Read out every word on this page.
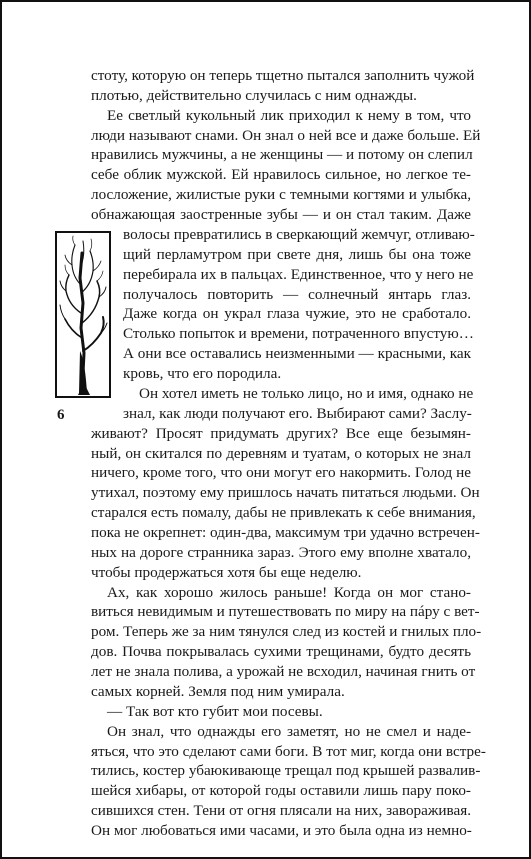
6
стоту, которую он теперь тщетно пытался заполнить чужой
плотью, действительно случилась с ним однажды.
Ее светлый кукольный лик приходил к нему в том, что
люди называют снами. Он знал о ней все и даже больше. Ей
нравились мужчины, а не женщины — и потому он слепил
себе облик мужской. Ей нравилось сильное, но легкое те-
лосложение, жилистые руки с темными когтями и улыбка,
обнажающая заостренные зубы — и он стал таким. Даже
волосы превратились в сверкающий жемчуг, отливаю-
щий перламутром при свете дня, лишь бы она тоже
перебирала их в пальцах. Единственное, что у него не
получалось повторить — солнечный янтарь глаз.
Даже когда он украл глаза чужие, это не сработало.
Столько попыток и времени, потраченного впустую…
А они все оставались неизменными — красными, как
кровь, что его породила.
Он хотел иметь не только лицо, но и имя, однако не
знал, как люди получают его. Выбирают сами? Заслу-
живают? Просят придумать других? Все еще безымян-
ный, он скитался по деревням и туатам, о которых не знал
ничего, кроме того, что они могут его накормить. Голод не
утихал, поэтому ему пришлось начать питаться людьми. Он
старался есть помалу, дабы не привлекать к себе внимания,
пока не окрепнет: один-два, максимум три удачно встречен-
ных на дороге странника зараз. Этого ему вполне хватало,
чтобы продержаться хотя бы еще неделю.
Ах, как хорошо жилось раньше! Когда он мог стано-
виться невидимым и путешествовать по миру на пáру с вет-
ром. Теперь же за ним тянулся след из костей и гнилых пло-
дов. Почва покрывалась сухими трещинами, будто десять
лет не знала полива, а урожай не всходил, начиная гнить от
самых корней. Земля под ним умирала.
— Так вот кто губит мои посевы.
Он знал, что однажды его заметят, но не смел и наде-
яться, что это сделают сами боги. В тот миг, когда они встре-
тились, костер убаюкивающе трещал под крышей развалив-
шейся хибары, от которой годы оставили лишь пару поко-
сившихся стен. Тени от огня плясали на них, завораживая.
Он мог любоваться ими часами, и это была одна из немно-
